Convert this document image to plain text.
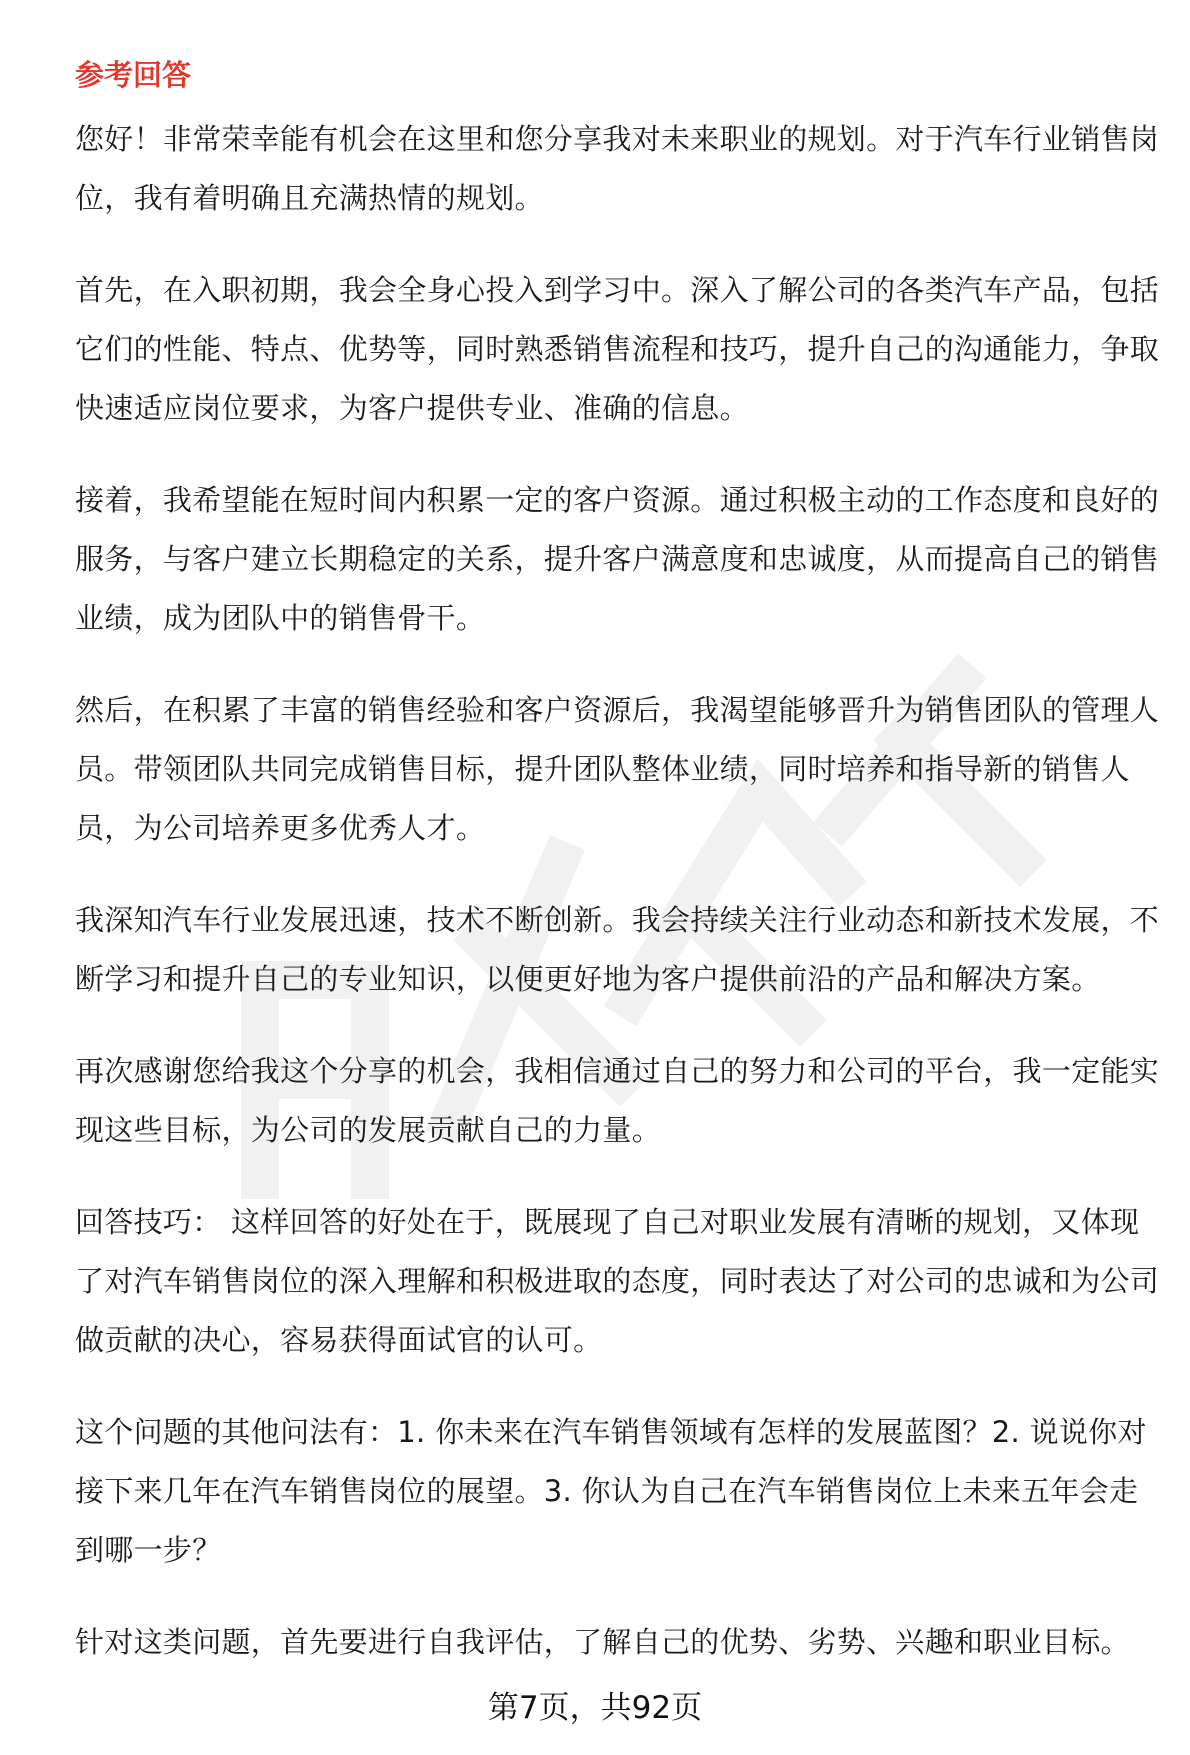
参考回答

您好！非常荣幸能有机会在这里和您分享我对未来职业的规划。对于汽车行业销售岗位，我有着明确且充满热情的规划。

首先，在入职初期，我会全身心投入到学习中。深入了解公司的各类汽车产品，包括它们的性能、特点、优势等，同时熟悉销售流程和技巧，提升自己的沟通能力，争取快速适应岗位要求，为客户提供专业、准确的信息。

接着，我希望能在短时间内积累一定的客户资源。通过积极主动的工作态度和良好的服务，与客户建立长期稳定的关系，提升客户满意度和忠诚度，从而提高自己的销售业绩，成为团队中的销售骨干。

然后，在积累了丰富的销售经验和客户资源后，我渴望能够晋升为销售团队的管理人员。带领团队共同完成销售目标，提升团队整体业绩，同时培养和指导新的销售人员，为公司培养更多优秀人才。

我深知汽车行业发展迅速，技术不断创新。我会持续关注行业动态和新技术发展，不断学习和提升自己的专业知识，以便更好地为客户提供前沿的产品和解决方案。

再次感谢您给我这个分享的机会，我相信通过自己的努力和公司的平台，我一定能实现这些目标，为公司的发展贡献自己的力量。

回答技巧： 这样回答的好处在于，既展现了自己对职业发展有清晰的规划，又体现了对汽车销售岗位的深入理解和积极进取的态度，同时表达了对公司的忠诚和为公司做贡献的决心，容易获得面试官的认可。

这个问题的其他问法有：1. 你未来在汽车销售领域有怎样的发展蓝图？2. 说说你对接下来几年在汽车销售岗位的展望。3. 你认为自己在汽车销售岗位上未来五年会走到哪一步？

针对这类问题，首先要进行自我评估，了解自己的优势、劣势、兴趣和职业目标。

第7页，共92页
